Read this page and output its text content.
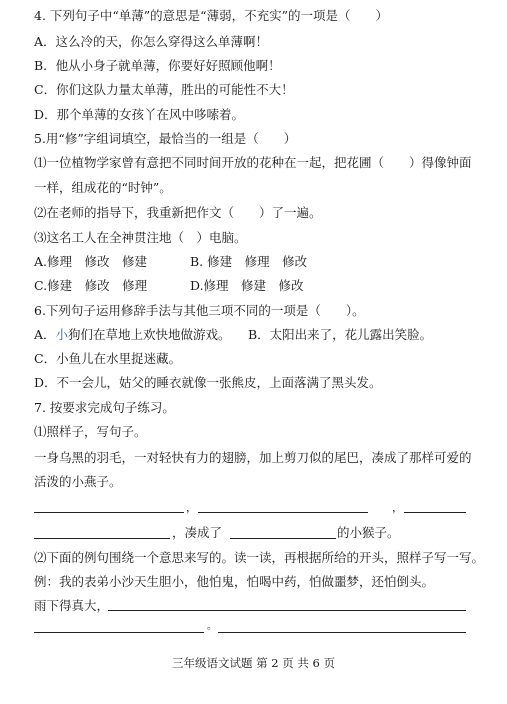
4. 下列句子中“单薄”的意思是“薄弱，不充实”的一项是（　　）
A．这么冷的天，你怎么穿得这么单薄啊！
B．他从小身子就单薄，你要好好照顾他啊！
C．你们这队力量太单薄，胜出的可能性不大！
D．那个单薄的女孩丫在风中哆嗦着。
5.用“修”字组词填空，最恰当的一组是（　　）
⑴一位植物学家曾有意把不同时间开放的花种在一起，把花圃（　　）得像钟面
一样，组成花的“时钟”。
⑵在老师的指导下，我重新把作文（　　）了一遍。
⑶这名工人在全神贯注地（　）电脑。
A.修理　修改　修建	B. 修建　修理　修改
C.修建　修改　修理	D.修理　修建　修改
6.下列句子运用修辞手法与其他三项不同的一项是（　　）。
A．小狗们在草地上欢快地做游戏。 B．太阳出来了，花儿露出笑脸。
C．小鱼儿在水里捉迷藏。
D．不一会儿，姑父的睡衣就像一张熊皮，上面落满了黑头发。
7. 按要求完成句子练习。
⑴照样子，写句子。
一身乌黑的羽毛，一对轻快有力的翅膀，加上剪刀似的尾巴，凑成了那样可爱的
活泼的小燕子。
，	，
，凑成了	的小猴子。
⑵下面的例句围绕一个意思来写的。读一读，再根据所给的开头，照样子写一写。
例：我的表弟小沙天生胆小，他怕鬼，怕喝中药，怕做噩梦，还怕倒头。
雨下得真大，
。
三年级语文试题 第 2 页 共 6 页
